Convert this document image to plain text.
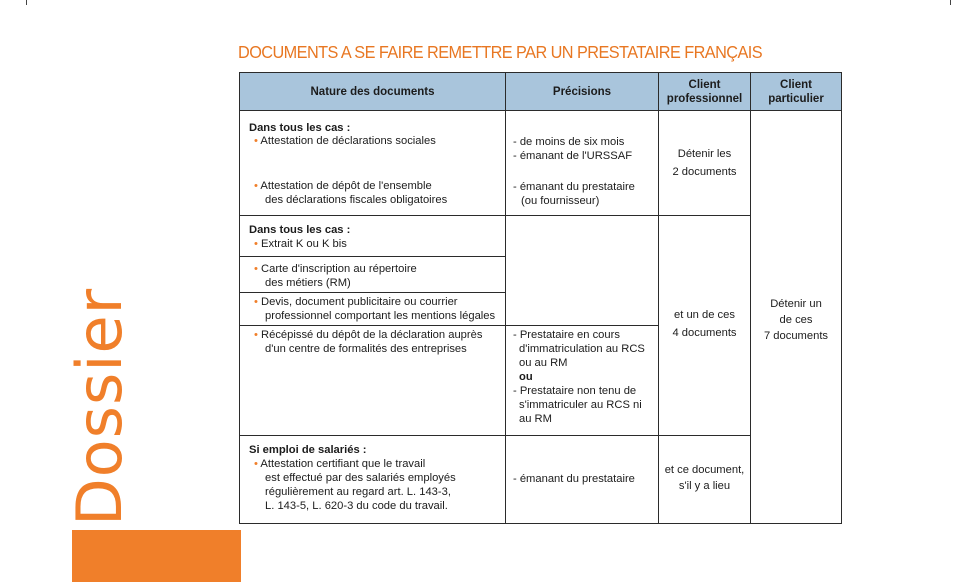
DOCUMENTS A SE FAIRE REMETTRE PAR UN PRESTATAIRE FRANÇAIS
Dossier
Nature des documents	Précisions
Client
professionnel
Client
particulier
Dans tous les cas :
• Attestation de déclarations sociales
• Attestation de dépôt de l'ensemble
des déclarations fiscales obligatoires
- de moins de six mois
- émanant de l'URSSAF
- émanant du prestataire
(ou fournisseur)
Détenir les
2 documents
Détenir un
de ces
7 documents
Dans tous les cas :
• Extrait K ou K bis
• Carte d'inscription au répertoire
des métiers (RM)
• Devis, document publicitaire ou courrier
professionnel comportant les mentions légales
• Récépissé du dépôt de la déclaration auprès
d'un centre de formalités des entreprises
- Prestataire en cours
d'immatriculation au RCS
ou au RM
ou
- Prestataire non tenu de
s'immatriculer au RCS ni
au RM
et un de ces
4 documents
Si emploi de salariés :
• Attestation certifiant que le travail
est effectué par des salariés employés
régulièrement au regard art. L. 143-3,
L. 143-5, L. 620-3 du code du travail.
- émanant du prestataire
et ce document,
s'il y a lieu
